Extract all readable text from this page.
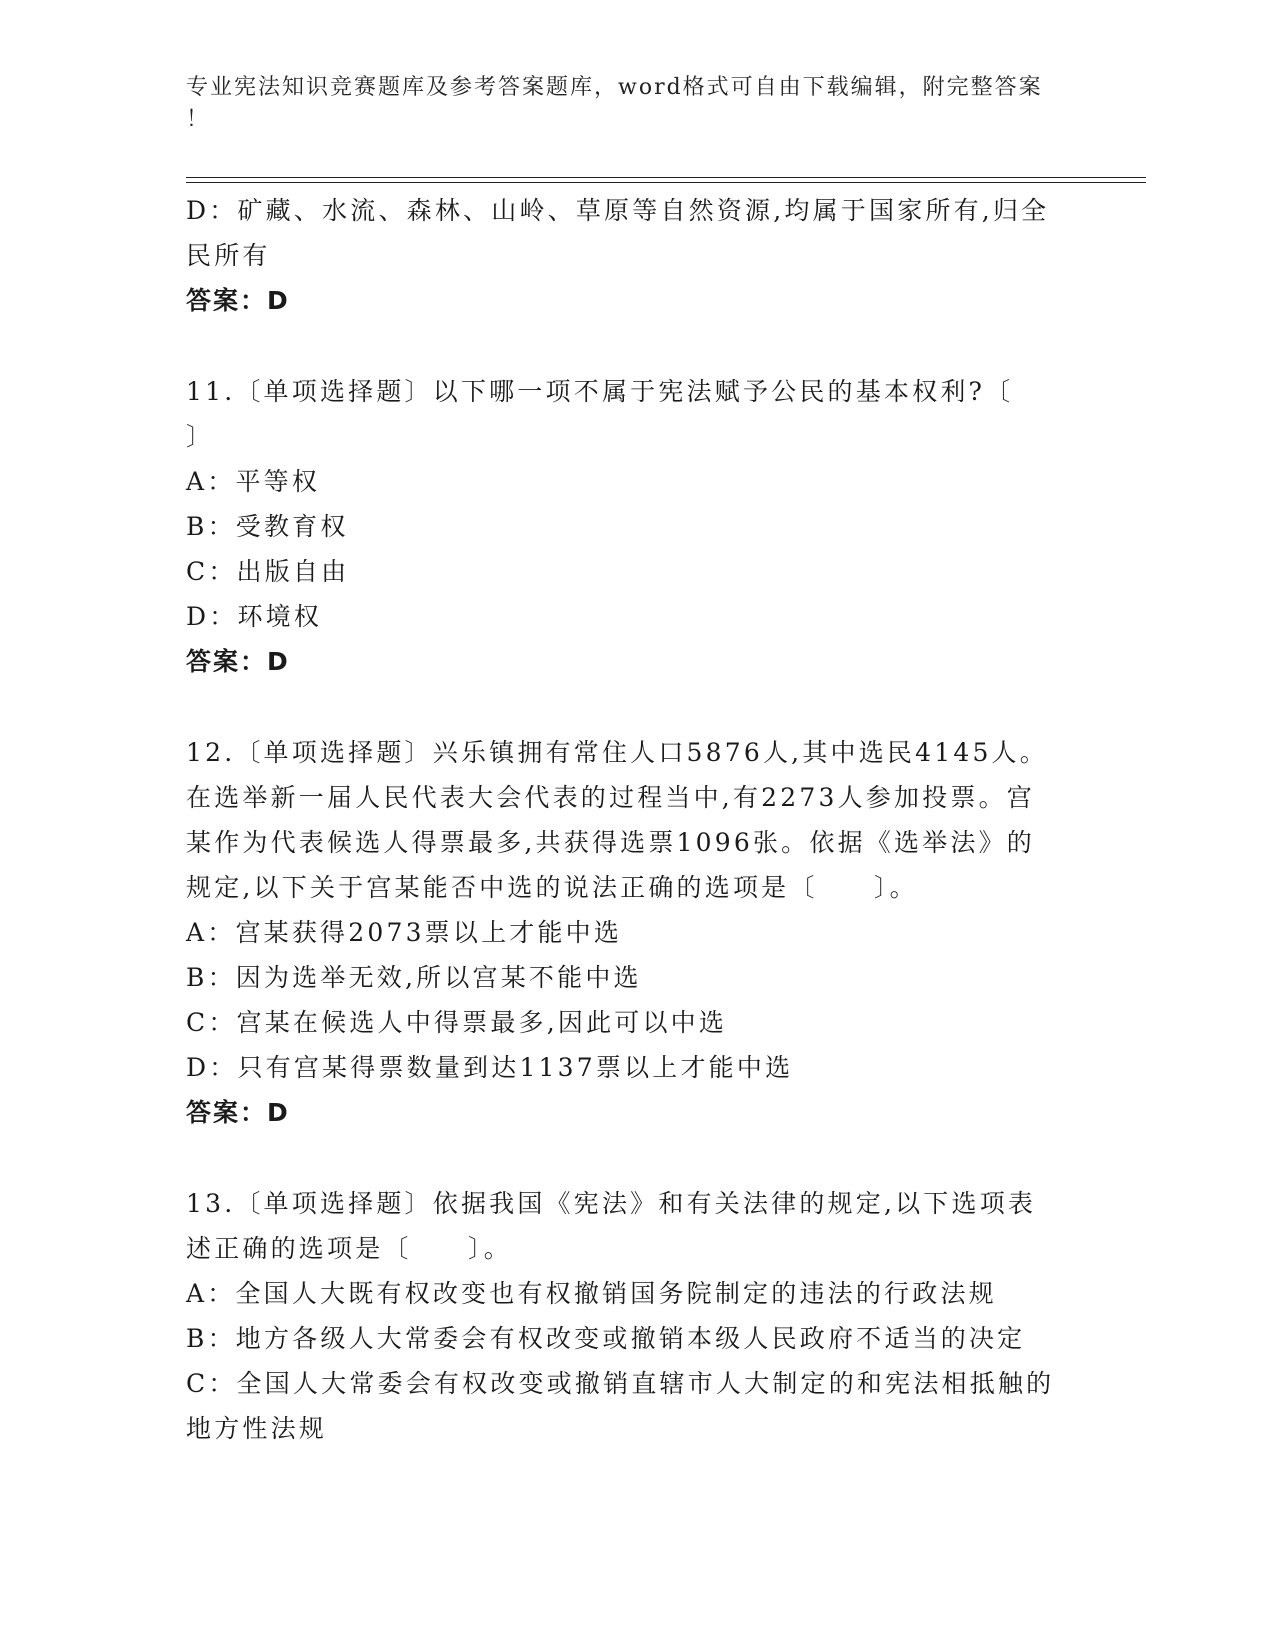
专业宪法知识竞赛题库及参考答案题库，word格式可自由下载编辑，附完整答案

！

D：矿藏、水流、森林、山岭、草原等自然资源,均属于国家所有,归全

民所有

答案：D

11.〔单项选择题〕以下哪一项不属于宪法赋予公民的基本权利?〔

〕

A：平等权

B：受教育权

C：出版自由

D：环境权

答案：D

12.〔单项选择题〕兴乐镇拥有常住人口5876人,其中选民4145人。

在选举新一届人民代表大会代表的过程当中,有2273人参加投票。宫

某作为代表候选人得票最多,共获得选票1096张。依据《选举法》的

规定,以下关于宫某能否中选的说法正确的选项是〔　　〕。

A：宫某获得2073票以上才能中选

B：因为选举无效,所以宫某不能中选

C：宫某在候选人中得票最多,因此可以中选

D：只有宫某得票数量到达1137票以上才能中选

答案：D

13.〔单项选择题〕依据我国《宪法》和有关法律的规定,以下选项表

述正确的选项是〔　　〕。

A：全国人大既有权改变也有权撤销国务院制定的违法的行政法规

B：地方各级人大常委会有权改变或撤销本级人民政府不适当的决定

C：全国人大常委会有权改变或撤销直辖市人大制定的和宪法相抵触的

地方性法规
